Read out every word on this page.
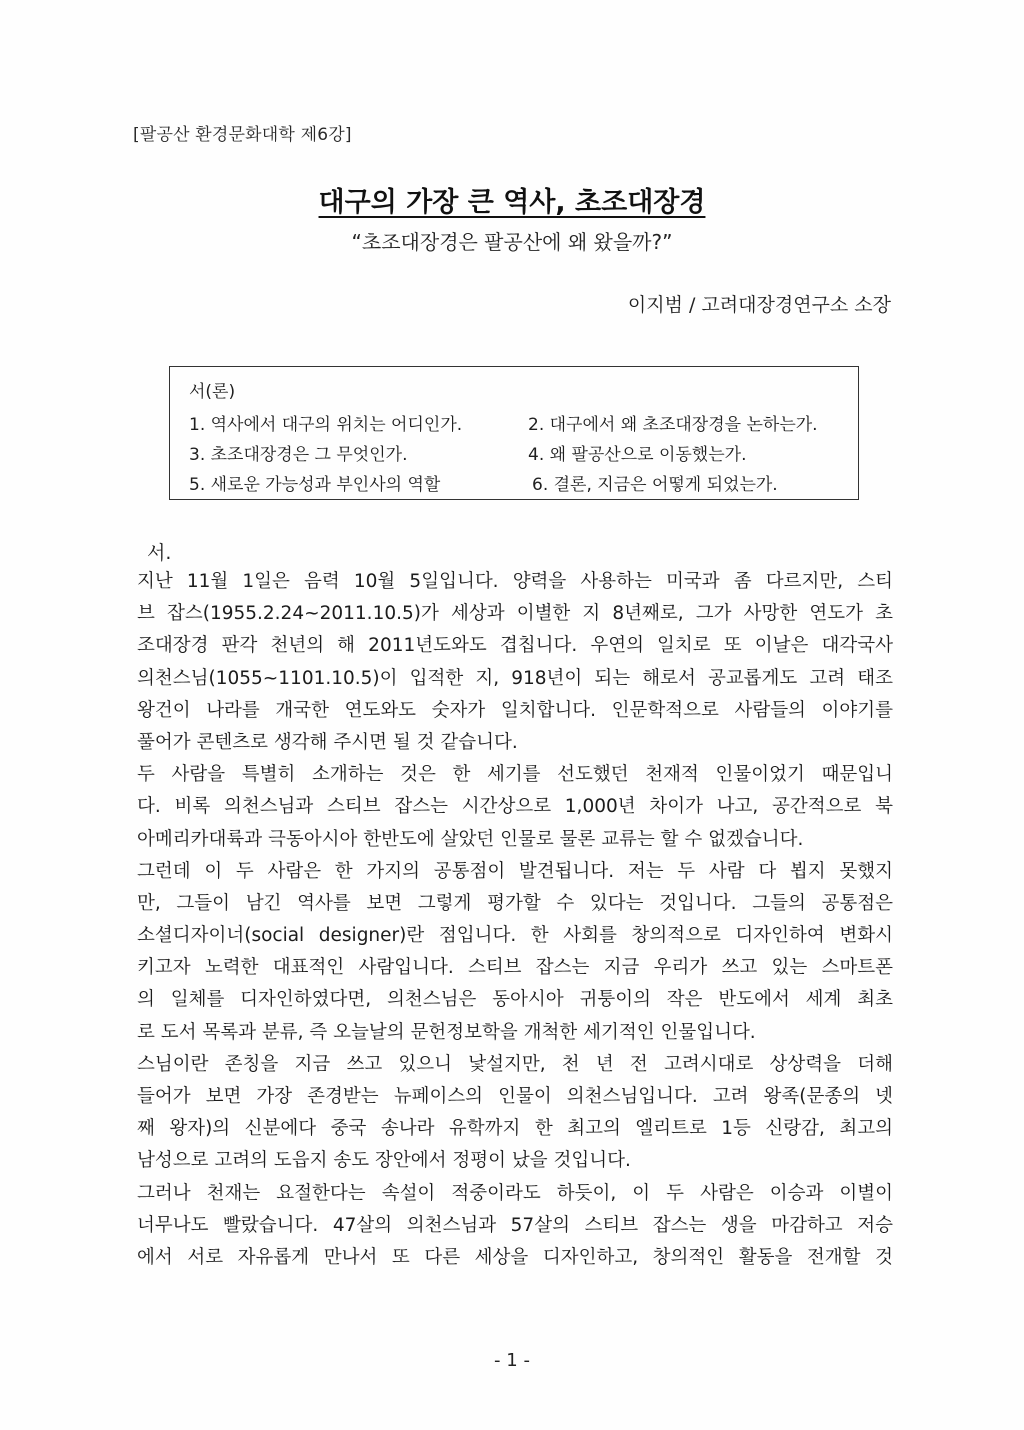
[팔공산 환경문화대학 제6강]
대구의 가장 큰 역사, 초조대장경
“초조대장경은 팔공산에 왜 왔을까?”
이지범 / 고려대장경연구소 소장
서(론)
1. 역사에서 대구의 위치는 어디인가.	2. 대구에서 왜 초조대장경을 논하는가.
3. 초조대장경은 그 무엇인가.	4. 왜 팔공산으로 이동했는가.
5. 새로운 가능성과 부인사의 역할	6. 결론, 지금은 어떻게 되었는가.
서.
지난 11월 1일은 음력 10월 5일입니다. 양력을 사용하는 미국과 좀 다르지만, 스티
브 잡스(1955.2.24~2011.10.5)가 세상과 이별한 지 8년째로, 그가 사망한 연도가 초
조대장경 판각 천년의 해 2011년도와도 겹칩니다. 우연의 일치로 또 이날은 대각국사
의천스님(1055~1101.10.5)이 입적한 지, 918년이 되는 해로서 공교롭게도 고려 태조
왕건이 나라를 개국한 연도와도 숫자가 일치합니다. 인문학적으로 사람들의 이야기를
풀어가 콘텐츠로 생각해 주시면 될 것 같습니다.
두 사람을 특별히 소개하는 것은 한 세기를 선도했던 천재적 인물이었기 때문입니
다. 비록 의천스님과 스티브 잡스는 시간상으로 1,000년 차이가 나고, 공간적으로 북
아메리카대륙과 극동아시아 한반도에 살았던 인물로 물론 교류는 할 수 없겠습니다.
그런데 이 두 사람은 한 가지의 공통점이 발견됩니다. 저는 두 사람 다 뵙지 못했지
만, 그들이 남긴 역사를 보면 그렇게 평가할 수 있다는 것입니다. 그들의 공통점은
소셜디자이너(social designer)란 점입니다. 한 사회를 창의적으로 디자인하여 변화시
키고자 노력한 대표적인 사람입니다. 스티브 잡스는 지금 우리가 쓰고 있는 스마트폰
의 일체를 디자인하였다면, 의천스님은 동아시아 귀퉁이의 작은 반도에서 세계 최초
로 도서 목록과 분류, 즉 오늘날의 문헌정보학을 개척한 세기적인 인물입니다.
스님이란 존칭을 지금 쓰고 있으니 낯설지만, 천 년 전 고려시대로 상상력을 더해
들어가 보면 가장 존경받는 뉴페이스의 인물이 의천스님입니다. 고려 왕족(문종의 넷
째 왕자)의 신분에다 중국 송나라 유학까지 한 최고의 엘리트로 1등 신랑감, 최고의
남성으로 고려의 도읍지 송도 장안에서 정평이 났을 것입니다.
그러나 천재는 요절한다는 속설이 적중이라도 하듯이, 이 두 사람은 이승과 이별이
너무나도 빨랐습니다. 47살의 의천스님과 57살의 스티브 잡스는 생을 마감하고 저승
에서 서로 자유롭게 만나서 또 다른 세상을 디자인하고, 창의적인 활동을 전개할 것
- 1 -
